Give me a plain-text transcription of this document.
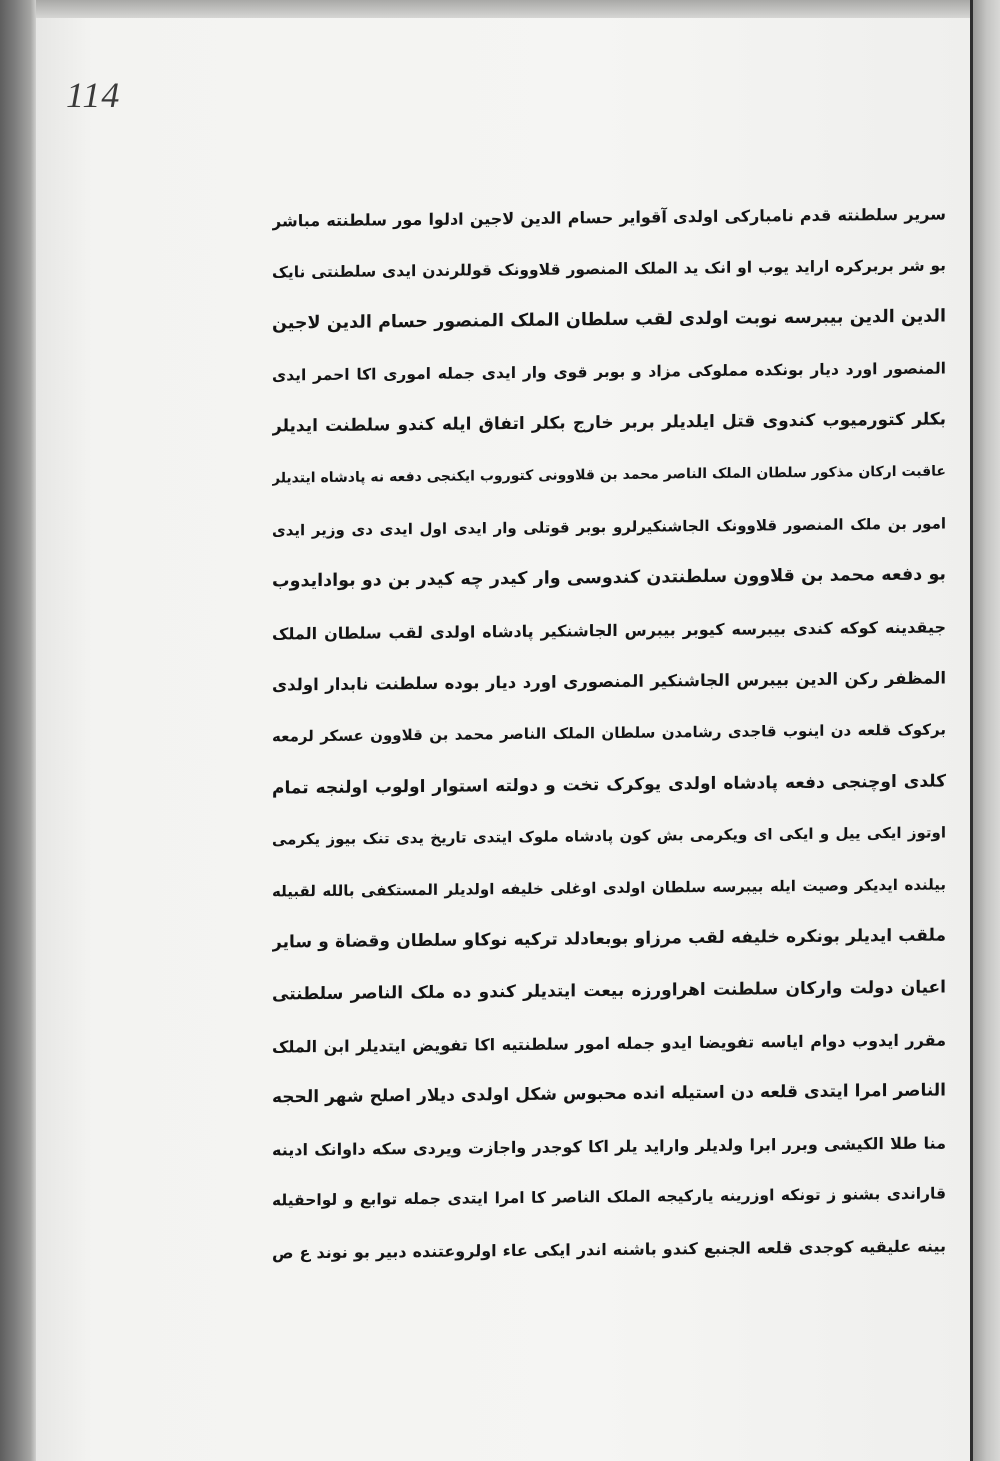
114
سریر سلطنته قدم نامبارکی اولدی آقوایر حسام الدین لاجین ادلوا مور سلطنته مباشر
بو شر بربرکره اراید یوب او انک ید الملک المنصور قلاوونک قوللرندن ایدی سلطنتی نایک
الدین الدین بیبرسه نوبت اولدی لقب سلطان الملک المنصور حسام الدین لاجین
المنصور اورد دیار بونکده مملوکی مزاد و بوبر قوی وار ایدی جمله اموری اکا احمر ایدی
بکلر کتورمیوب کندوی قتل ایلدیلر بربر خارج بکلر اتفاق ایله کندو سلطنت ایدیلر
عاقبت ارکان مذکور سلطان الملک الناصر محمد بن قلاوونی کتوروب ایکنجی دفعه نه پادشاه ایتدیلر
امور بن ملک المنصور قلاوونک الجاشنکیرلرو بوبر قوتلی وار ایدی اول ایدی دی وزیر ایدی
بو دفعه محمد بن قلاوون سلطنتدن کندوسی وار کیدر چه کیدر بن دو بوادایدوب
جیقدینه کوکه کندی بیبرسه کیوبر بیبرس الجاشنکیر پادشاه اولدی لقب سلطان الملک
المظفر رکن الدین بیبرس الجاشنکیر المنصوری اورد دیار بوده سلطنت نابدار اولدی
برکوک قلعه دن اینوب قاجدی رشامدن سلطان الملک الناصر محمد بن قلاوون عسکر لرمعه
کلدی اوچنجی دفعه پادشاه اولدی یوکرک تخت و دولته استوار اولوب اولنجه تمام
اوتوز ایکی ییل و ایکی ای ویکرمی بش کون پادشاه ملوک ایتدی تاریخ یدی تنک بیوز یکرمی
بیلنده ایدیکر وصیت ایله بیبرسه سلطان اولدی اوغلی خلیفه اولدیلر المستکفی بالله لقبیله
ملقب ایدیلر بونکره خلیفه لقب مرزاو بوبعادلد ترکیه نوکاو سلطان وقضاة و سایر
اعیان دولت وارکان سلطنت اهراورزه بیعت ایتدیلر کندو ده ملک الناصر سلطنتی
مقرر ایدوب دوام ایاسه تفویضا ایدو جمله امور سلطنتیه اکا تفویض ایتدیلر ابن الملک
الناصر امرا ایتدی قلعه دن استیله انده محبوس شکل اولدی دیلار اصلح شهر الحجه
منا طلا الکیشی وبرر ابرا ولدیلر واراید یلر اکا کوجدر واجازت ویردی سکه داوانک ادینه
قاراندی بشنو ز تونکه اوزرینه یارکیجه الملک الناصر کا امرا ایتدی جمله توابع و لواحقیله
بینه علیقیه کوجدی قلعه الجنبع کندو باشنه اندر ایکی عاء اولروعتنده دبیر بو نوند ع ص
